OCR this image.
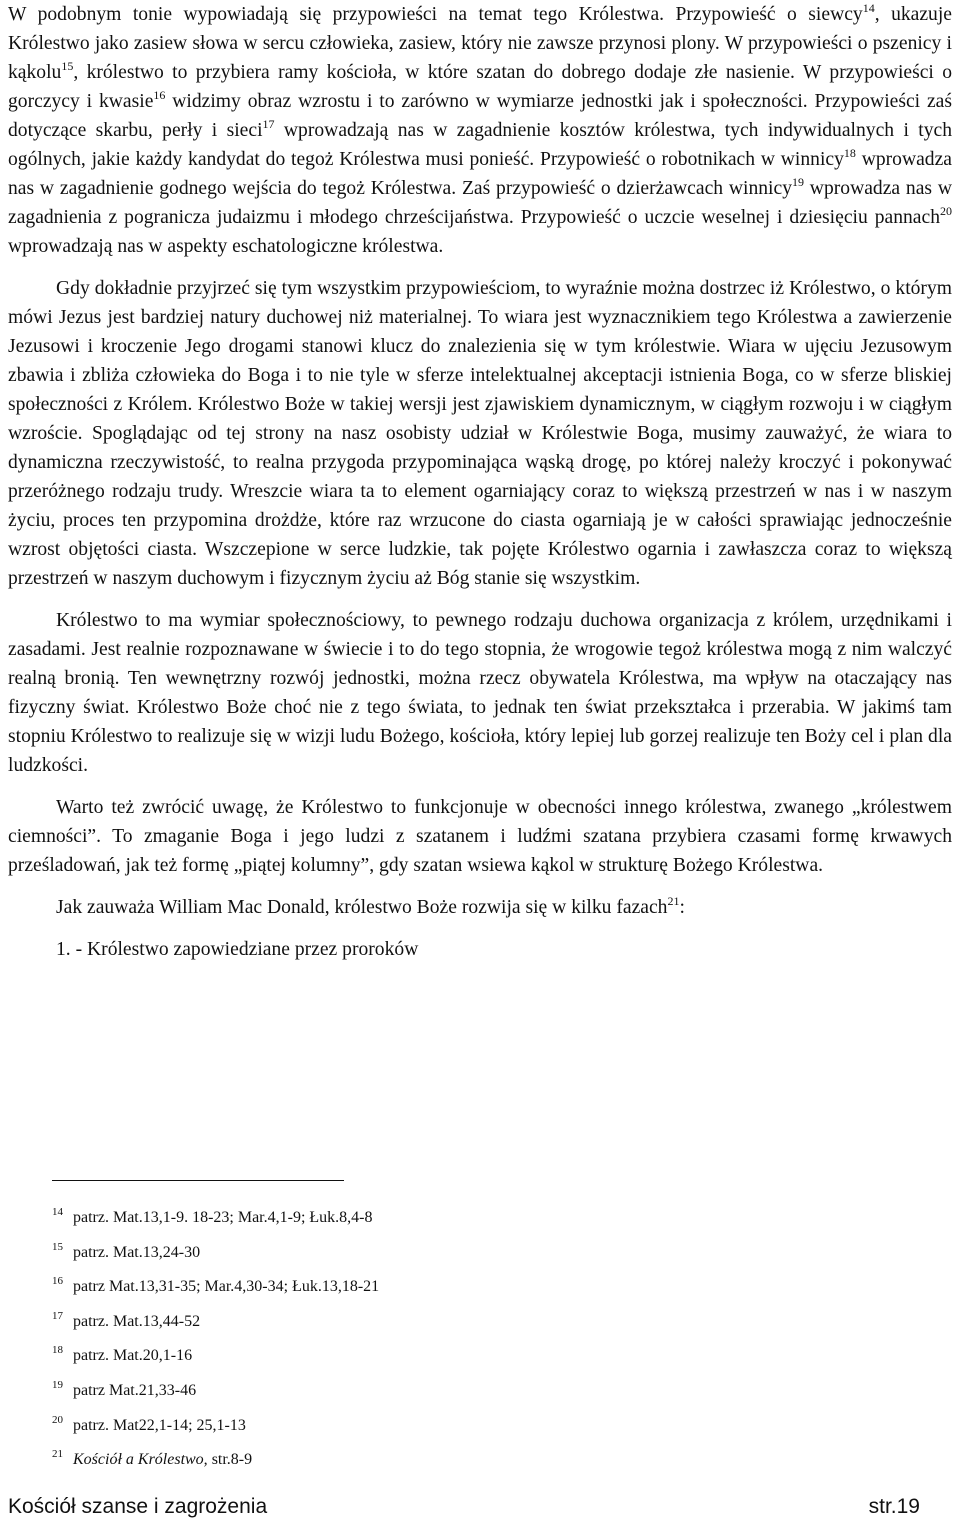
W podobnym tonie wypowiadają się przypowieści na temat tego Królestwa. Przypowieść o siewcy$^{14}$, ukazuje Królestwo jako zasiew słowa w sercu człowieka, zasiew, który nie zawsze przynosi plony. W przypowieści o pszenicy i kąkolu$^{15}$, królestwo to przybiera ramy kościoła, w które szatan do dobrego dodaje złe nasienie. W przypowieści o gorczycy i kwasie$^{16}$ widzimy obraz wzrostu i to zarówno w wymiarze jednostki jak i społeczności. Przypowieści zaś dotyczące skarbu, perły i sieci$^{17}$ wprowadzają nas w zagadnienie kosztów królestwa, tych indywidualnych i tych ogólnych, jakie każdy kandydat do tegoż Królestwa musi ponieść. Przypowieść o robotnikach w winnicy$^{18}$ wprowadza nas w zagadnienie godnego wejścia do tegoż Królestwa. Zaś przypowieść o dzierżawcach winnicy$^{19}$ wprowadza nas w zagadnienia z pogranicza judaizmu i młodego chrześcijaństwa. Przypowieść o uczcie weselnej i dziesięciu pannach$^{20}$ wprowadzają nas w aspekty eschatologiczne królestwa.

Gdy dokładnie przyjrzeć się tym wszystkim przypowieściom, to wyraźnie można dostrzec iż Królestwo, o którym mówi Jezus jest bardziej natury duchowej niż materialnej. To wiara jest wyznacznikiem tego Królestwa a zawierzenie Jezusowi i kroczenie Jego drogami stanowi klucz do znalezienia się w tym królestwie. Wiara w ujęciu Jezusowym zbawia i zbliża człowieka do Boga i to nie tyle w sferze intelektualnej akceptacji istnienia Boga, co w sferze bliskiej społeczności z Królem. Królestwo Boże w takiej wersji jest zjawiskiem dynamicznym, w ciągłym rozwoju i w ciągłym wzroście. Spoglądając od tej strony na nasz osobisty udział w Królestwie Boga, musimy zauważyć, że wiara to dynamiczna rzeczywistość, to realna przygoda przypominająca wąską drogę, po której należy kroczyć i pokonywać przeróżnego rodzaju trudy. Wreszcie wiara ta to element ogarniający coraz to większą przestrzeń w nas i w naszym życiu, proces ten przypomina drożdże, które raz wrzucone do ciasta ogarniają je w całości sprawiając jednocześnie wzrost objętości ciasta. Wszczepione w serce ludzkie, tak pojęte Królestwo ogarnia i zawłaszcza coraz to większą przestrzeń w naszym duchowym i fizycznym życiu aż Bóg stanie się wszystkim.

Królestwo to ma wymiar społecznościowy, to pewnego rodzaju duchowa organizacja z królem, urzędnikami i zasadami. Jest realnie rozpoznawane w świecie i to do tego stopnia, że wrogowie tegoż królestwa mogą z nim walczyć realną bronią. Ten wewnętrzny rozwój jednostki, można rzecz obywatela Królestwa, ma wpływ na otaczający nas fizyczny świat. Królestwo Boże choć nie z tego świata, to jednak ten świat przekształca i przerabia. W jakimś tam stopniu Królestwo to realizuje się w wizji ludu Bożego, kościoła, który lepiej lub gorzej realizuje ten Boży cel i plan dla ludzkości.

Warto też zwrócić uwagę, że Królestwo to funkcjonuje w obecności innego królestwa, zwanego „królestwem ciemności”. To zmaganie Boga i jego ludzi z szatanem i ludźmi szatana przybiera czasami formę krwawych prześladowań, jak też formę „piątej kolumny”, gdy szatan wsiewa kąkol w strukturę Bożego Królestwa.

Jak zauważa William Mac Donald, królestwo Boże rozwija się w kilku fazach$^{21}$:

1. - Królestwo zapowiedziane przez proroków

$^{14}$ patrz. Mat.13,1-9. 18-23; Mar.4,1-9; Łuk.8,4-8
$^{15}$ patrz. Mat.13,24-30
$^{16}$ patrz Mat.13,31-35; Mar.4,30-34; Łuk.13,18-21
$^{17}$ patrz. Mat.13,44-52
$^{18}$ patrz. Mat.20,1-16
$^{19}$ patrz Mat.21,33-46
$^{20}$ patrz. Mat22,1-14; 25,1-13
$^{21}$ Kościół a Królestwo, str.8-9
Kościół szanse i zagrożenia	str.19
